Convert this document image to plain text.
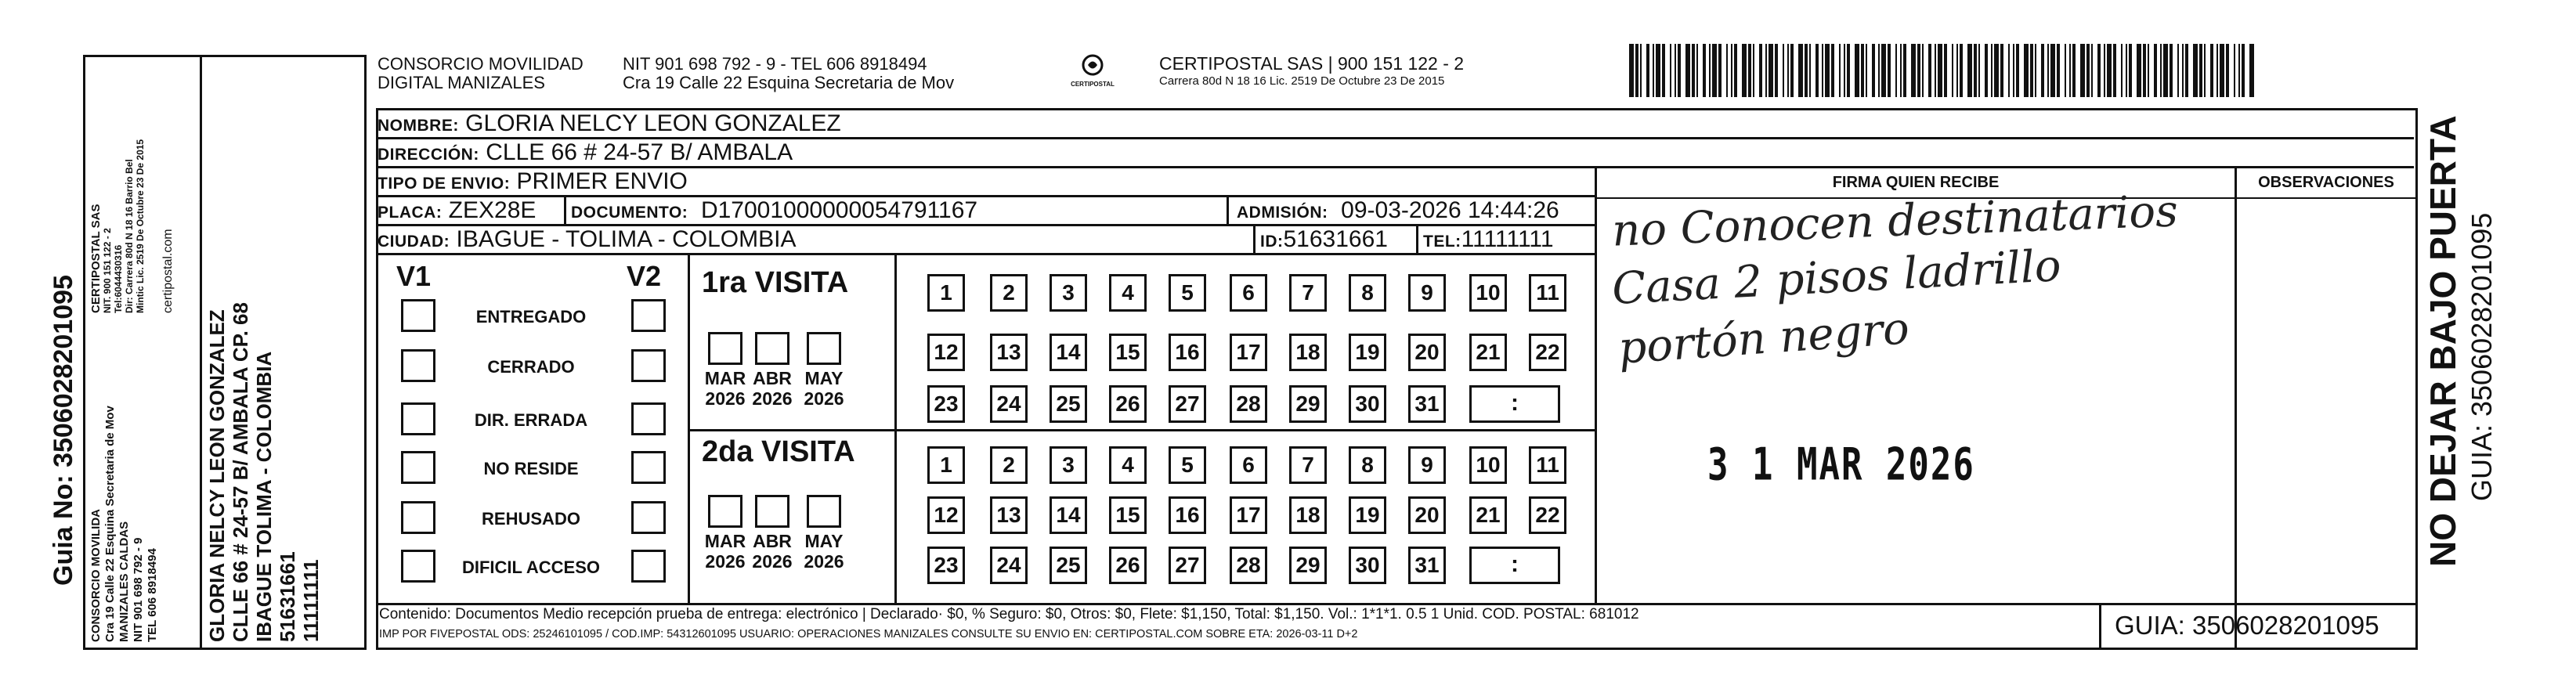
Guia No: 3506028201095 CONSORCIO MOVILIDA Cra 19 Calle 22 Esquina Secretaria de Mov MANIZALES CALDAS NIT 901 698 792 - 9 TEL 606 8918494
CERTIPOSTAL SAS NIT. 900 151 122 - 2 Tel:6044430316 Dir: Carrera 80d N 18 16 Barrio Bel Mintic Lic. 2519 De Octubre 23 De 2015 certipostal.com
GLORIA NELCY LEON GONZALEZ CLLE 66 # 24-57 B/ AMBALA CP. 68 IBAGUE TOLIMA - COLOMBIA 51631661 11111111
CONSORCIO MOVILIDAD
DIGITAL MANIZALES
NIT 901 698 792 - 9 - TEL 606 8918494
Cra 19 Calle 22 Esquina Secretaria de Mov	CERTIPOSTAL
CERTIPOSTAL SAS | 900 151 122 - 2
Carrera 80d N 18 16 Lic. 2519 De Octubre 23 De 2015
NOMBRE: GLORIA NELCY LEON GONZALEZ
DIRECCIÓN: CLLE 66 # 24-57 B/ AMBALA
TIPO DE ENVIO: PRIMER ENVIO
PLACA: ZEX28E	DOCUMENTO: D17001000000054791167	ADMISIÓN: 09-03-2026 14:44:26
CIUDAD: IBAGUE - TOLIMA - COLOMBIA	ID:51631661	TEL:11111111
FIRMA QUIEN RECIBE	OBSERVACIONES
V1	V2
ENTREGADO
CERRADO
DIR. ERRADA
NO RESIDE
REHUSADO
DIFICIL ACCESO
1ra VISITA
2da VISITA
MAR
2026
ABR
2026
MAY
2026
1	2	3	4	5	6	7	8	9	10	11
12	13	14	15	16	17	18	19	20	21	22
23	24	25	26	27	28	29	30	31	:
MAR
2026
ABR
2026
MAY
2026
1	2	3	4	5	6	7	8	9	10	11
12	13	14	15	16	17	18	19	20	21	22
23	24	25	26	27	28	29	30	31	:
no Conocen destinatarios
Casa 2 pisos ladrillo
portón negro
3 1 MAR 2026
Contenido: Documentos Medio recepción prueba de entrega: electrónico | Declarado· $0, % Seguro: $0, Otros: $0, Flete: $1,150, Total: $1,150. Vol.: 1*1*1. 0.5 1 Unid. COD. POSTAL: 681012
IMP POR FIVEPOSTAL ODS: 25246101095 / COD.IMP: 54312601095 USUARIO: OPERACIONES MANIZALES CONSULTE SU ENVIO EN: CERTIPOSTAL.COM SOBRE ETA: 2026-03-11 D+2	GUIA: 3506028201095
NO DEJAR BAJO PUERTA GUIA: 3506028201095
